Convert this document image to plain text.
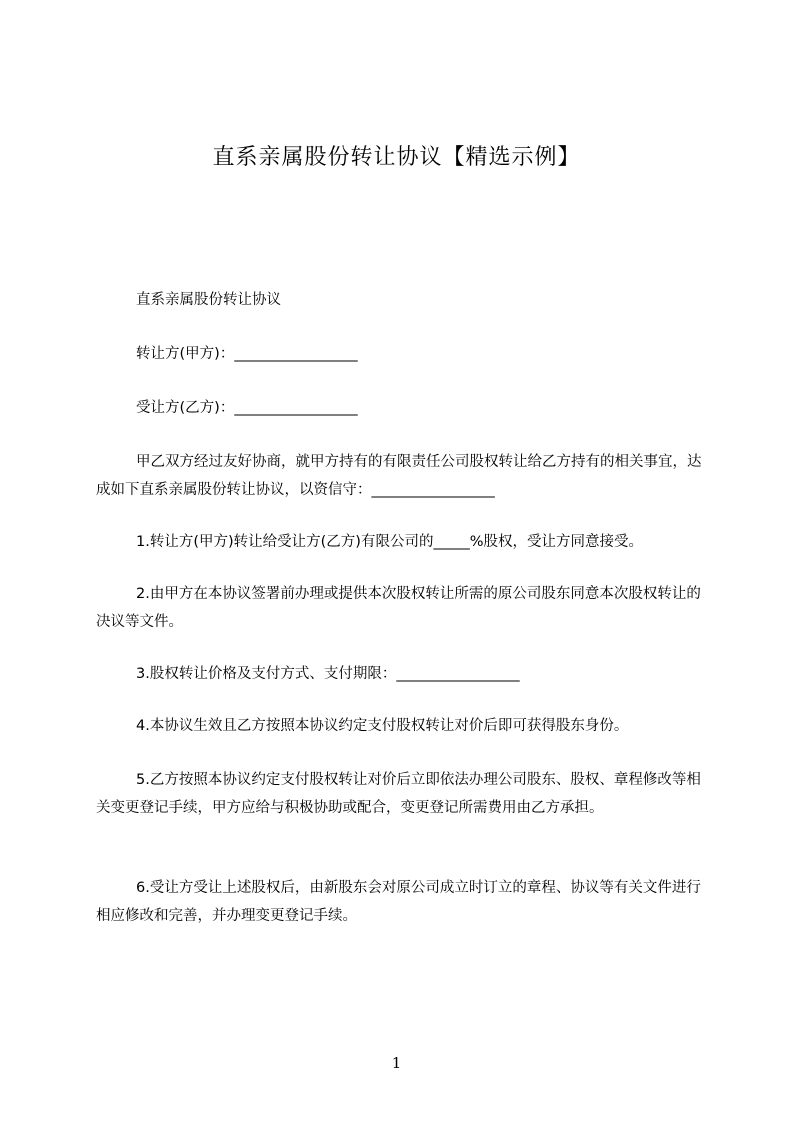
直系亲属股份转让协议【精选示例】

直系亲属股份转让协议

转让方(甲方)：_________________

受让方(乙方)：_________________

甲乙双方经过友好协商，就甲方持有的有限责任公司股权转让给乙方持有的相关事宜，达成如下直系亲属股份转让协议，以资信守：_________________

1.转让方(甲方)转让给受让方(乙方)有限公司的_____%股权，受让方同意接受。

2.由甲方在本协议签署前办理或提供本次股权转让所需的原公司股东同意本次股权转让的决议等文件。

3.股权转让价格及支付方式、支付期限：_________________

4.本协议生效且乙方按照本协议约定支付股权转让对价后即可获得股东身份。

5.乙方按照本协议约定支付股权转让对价后立即依法办理公司股东、股权、章程修改等相关变更登记手续，甲方应给与积极协助或配合，变更登记所需费用由乙方承担。

6.受让方受让上述股权后，由新股东会对原公司成立时订立的章程、协议等有关文件进行相应修改和完善，并办理变更登记手续。

1
